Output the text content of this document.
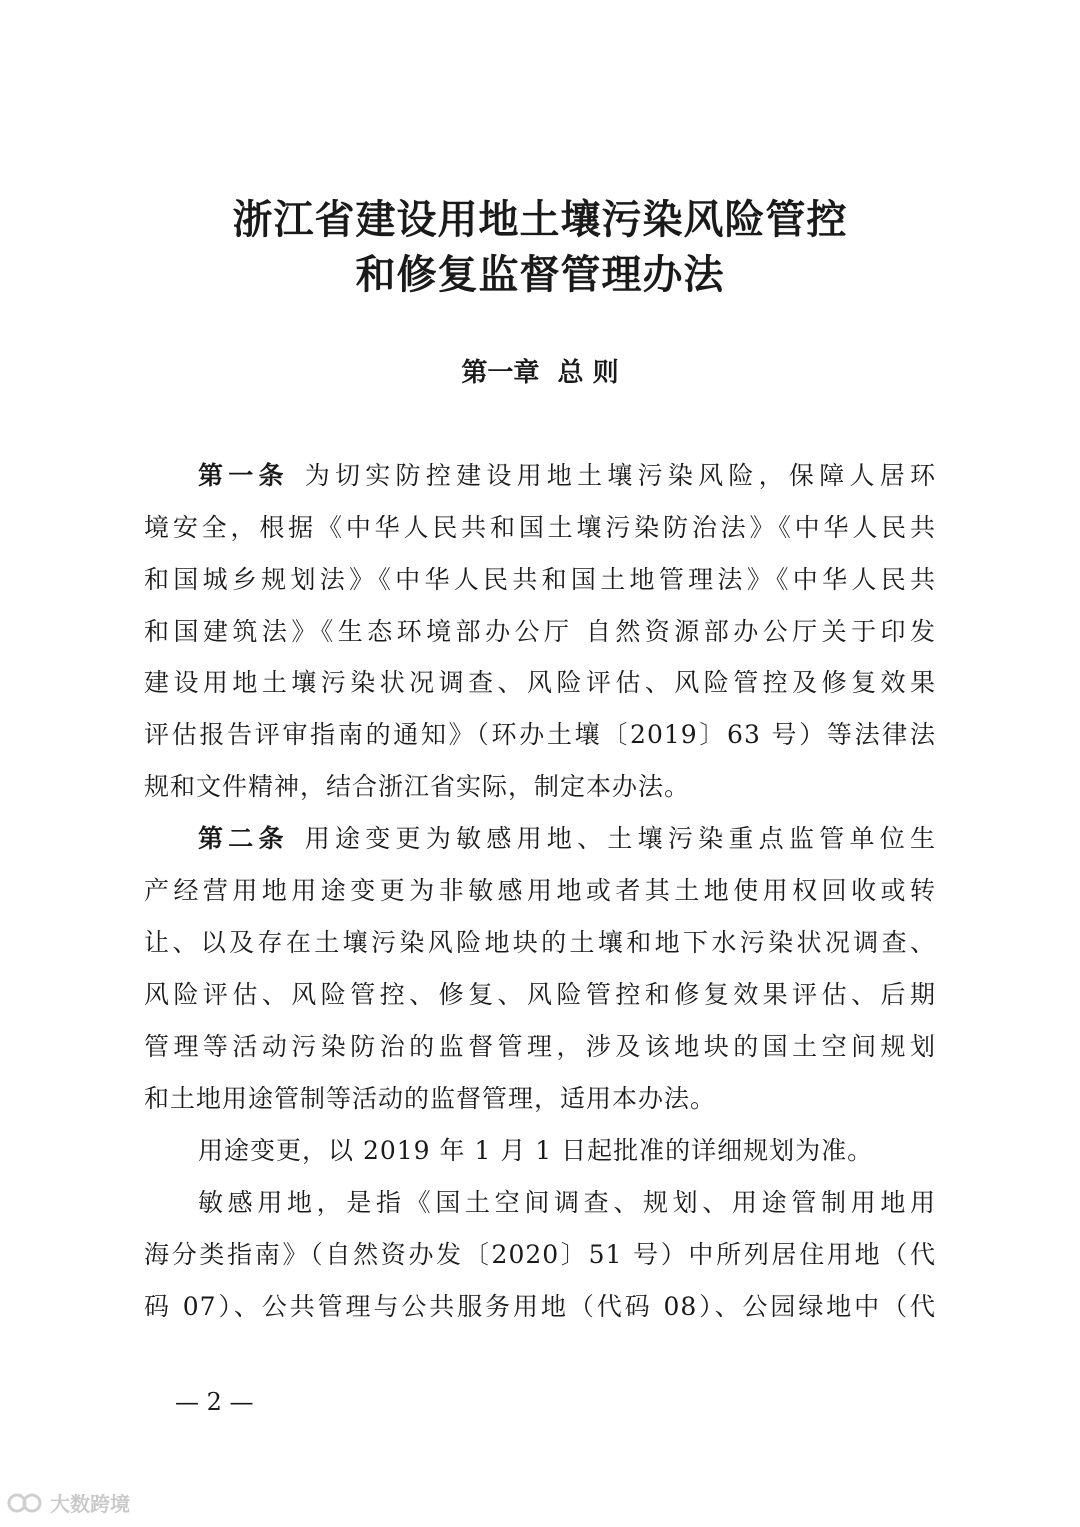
浙江省建设用地土壤污染风险管控
和修复监督管理办法
第一章  总 则
第一条 为切实防控建设用地土壤污染风险，保障人居环
境安全，根据《中华人民共和国土壤污染防治法》《中华人民共
和国城乡规划法》《中华人民共和国土地管理法》《中华人民共
和国建筑法》《生态环境部办公厅 自然资源部办公厅关于印发
建设用地土壤污染状况调查、风险评估、风险管控及修复效果
评估报告评审指南的通知》（环办土壤〔2019〕63 号）等法律法
规和文件精神，结合浙江省实际，制定本办法。
第二条 用途变更为敏感用地、土壤污染重点监管单位生
产经营用地用途变更为非敏感用地或者其土地使用权回收或转
让、以及存在土壤污染风险地块的土壤和地下水污染状况调查、
风险评估、风险管控、修复、风险管控和修复效果评估、后期
管理等活动污染防治的监督管理，涉及该地块的国土空间规划
和土地用途管制等活动的监督管理，适用本办法。
用途变更，以 2019 年 1 月 1 日起批准的详细规划为准。
敏感用地，是指《国土空间调查、规划、用途管制用地用
海分类指南》（自然资办发〔2020〕51 号）中所列居住用地（代
码 07）、公共管理与公共服务用地（代码 08）、公园绿地中（代
— 2 —
大数跨境
